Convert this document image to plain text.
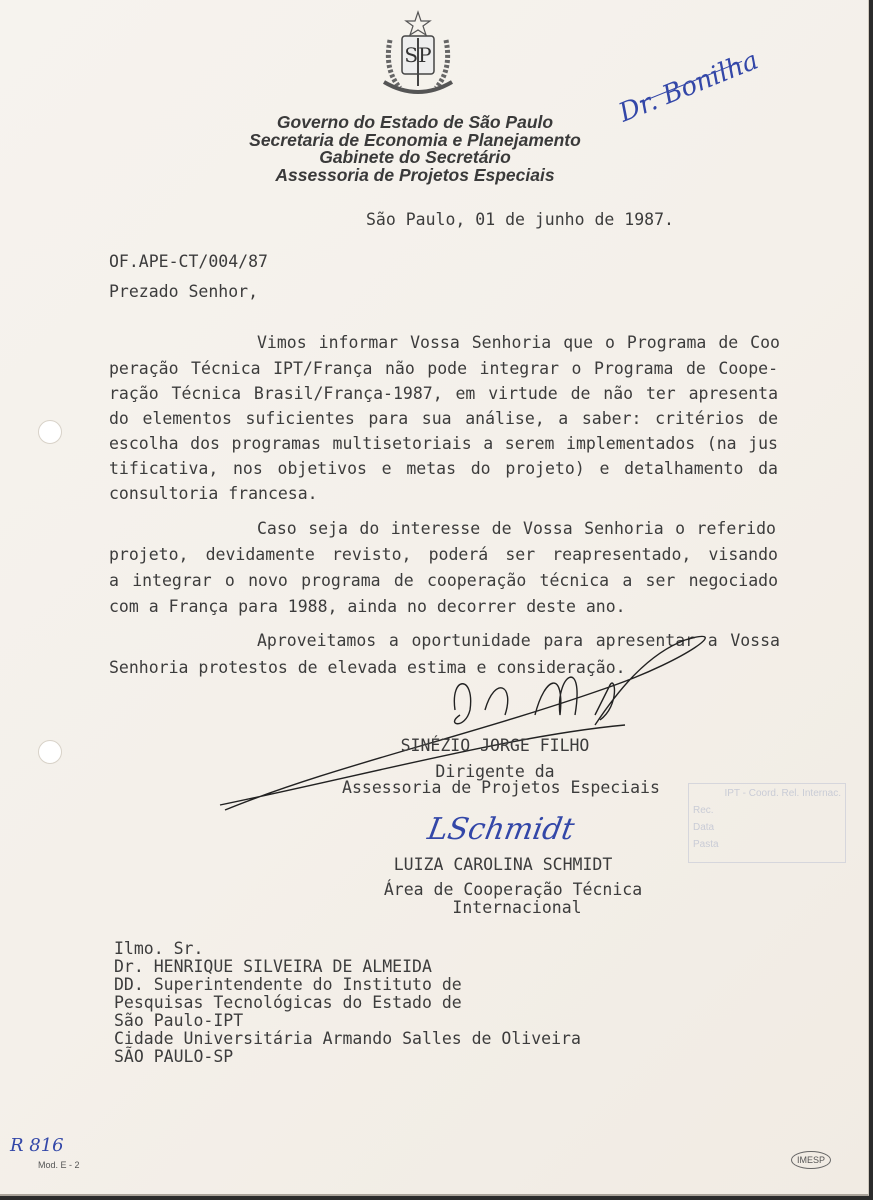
SP
Governo do Estado de São Paulo
Secretaria de Economia e Planejamento
Gabinete do Secretário
Assessoria de Projetos Especiais
Dr. Bonilha
São Paulo, 01 de junho de 1987.
OF.APE-CT/004/87
Prezado Senhor,
Vimos informar Vossa Senhoria que o Programa de Coo
peração Técnica IPT/França não pode integrar o Programa de Coope-
ração Técnica Brasil/França-1987, em virtude de não ter apresenta
do elementos suficientes para sua análise, a saber: critérios de
escolha dos programas multisetoriais a serem implementados (na jus
tificativa, nos objetivos e metas do projeto) e detalhamento da
consultoria francesa.
Caso seja do interesse de Vossa Senhoria o referido
projeto, devidamente revisto, poderá ser reapresentado, visando
a integrar o novo programa de cooperação técnica a ser negociado
com a França para 1988, ainda no decorrer deste ano.
Aproveitamos a oportunidade para apresentar a Vossa
Senhoria protestos de elevada estima e consideração.
SINÉZIO JORGE FILHO
Dirigente da
Assessoria de Projetos Especiais
LSchmidt
LUIZA CAROLINA SCHMIDT
Área de Cooperação Técnica
Internacional
Ilmo. Sr.
Dr. HENRIQUE SILVEIRA DE ALMEIDA
DD. Superintendente do Instituto de
Pesquisas Tecnológicas do Estado de
São Paulo-IPT
Cidade Universitária Armando Salles de Oliveira
SÃO PAULO-SP
IPT - Coord. Rel. Internac.
Rec.
Data
Pasta
R 816
Mod. E - 2	IMESP
